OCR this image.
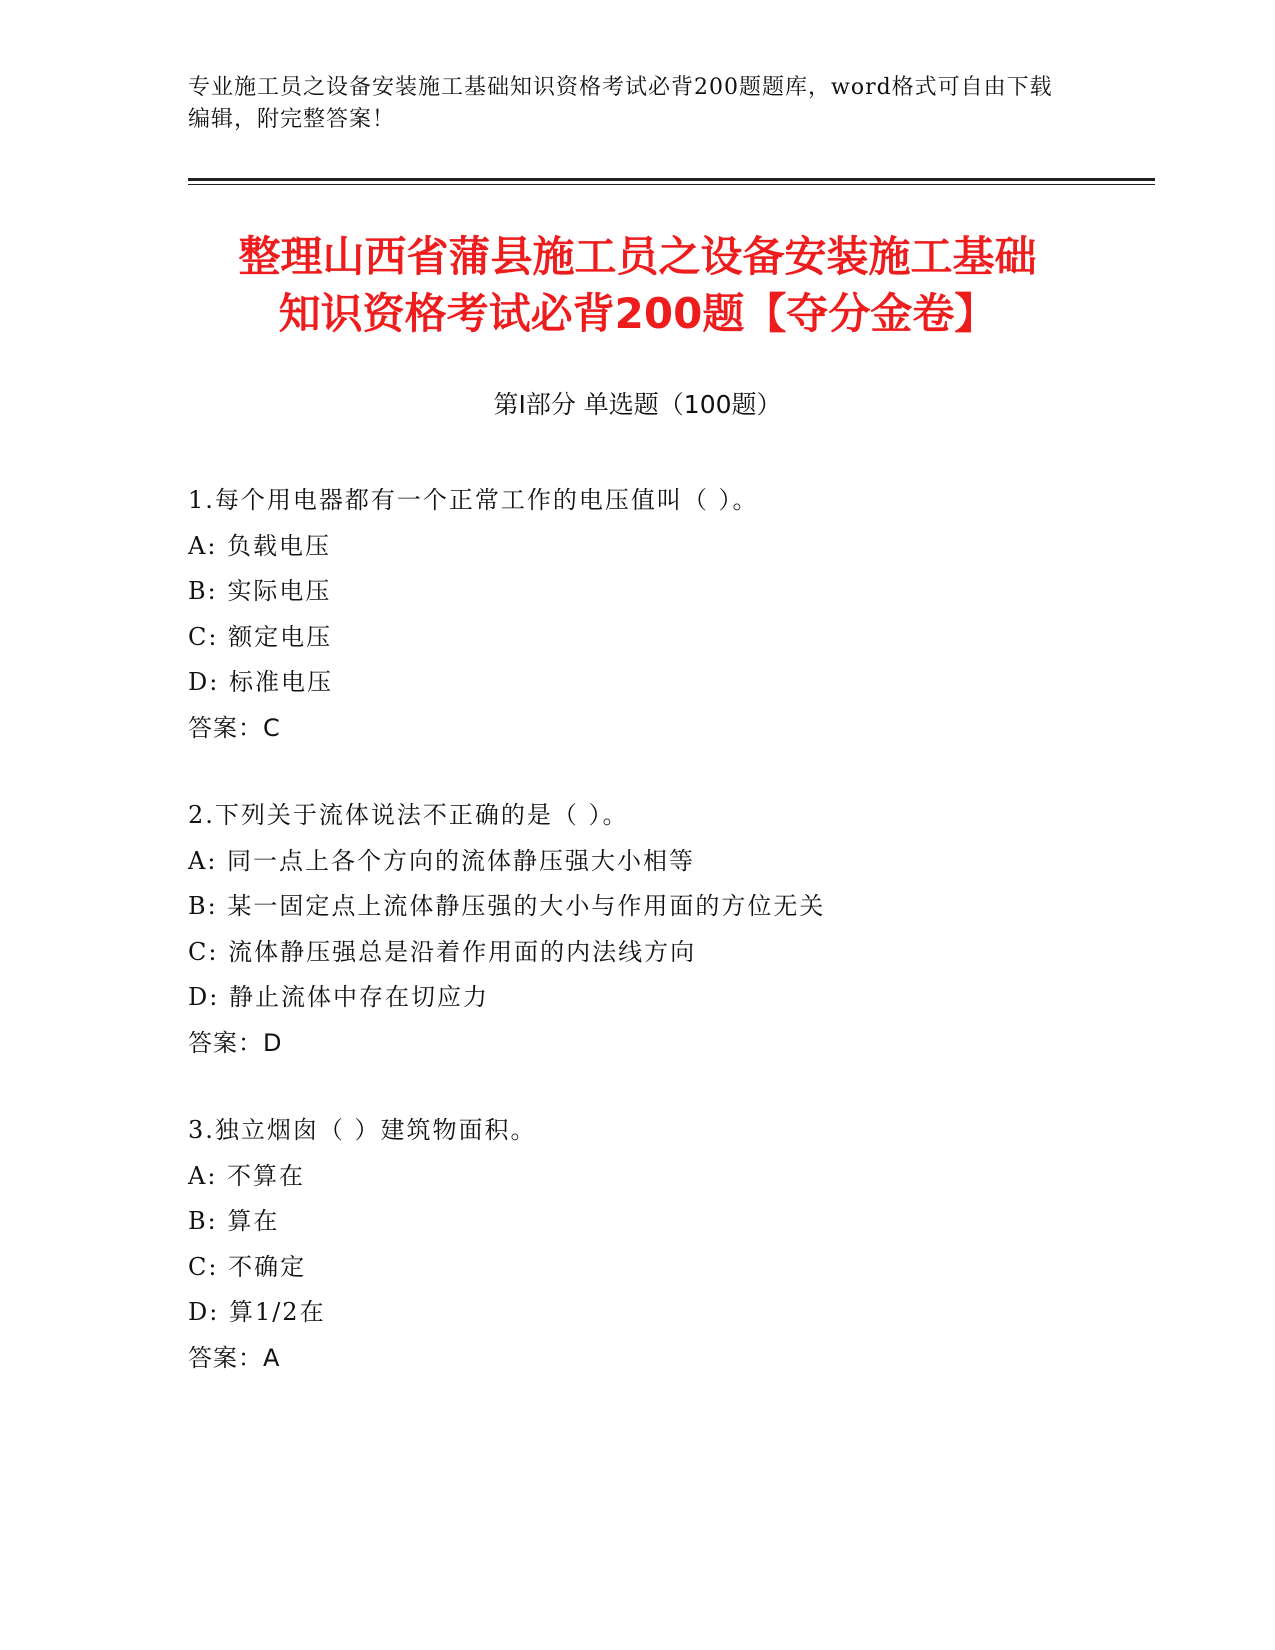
专业施工员之设备安装施工基础知识资格考试必背200题题库，word格式可自由下载编辑，附完整答案！
整理山西省蒲县施工员之设备安装施工基础
知识资格考试必背200题【夺分金卷】
第Ⅰ部分 单选题（100题）
1.每个用电器都有一个正常工作的电压值叫（ ）。
A: 负载电压
B: 实际电压
C: 额定电压
D: 标准电压
答案：C
2.下列关于流体说法不正确的是（ ）。
A: 同一点上各个方向的流体静压强大小相等
B: 某一固定点上流体静压强的大小与作用面的方位无关
C: 流体静压强总是沿着作用面的内法线方向
D: 静止流体中存在切应力
答案：D
3.独立烟囱（ ）建筑物面积。
A: 不算在
B: 算在
C: 不确定
D: 算1/2在
答案：A
